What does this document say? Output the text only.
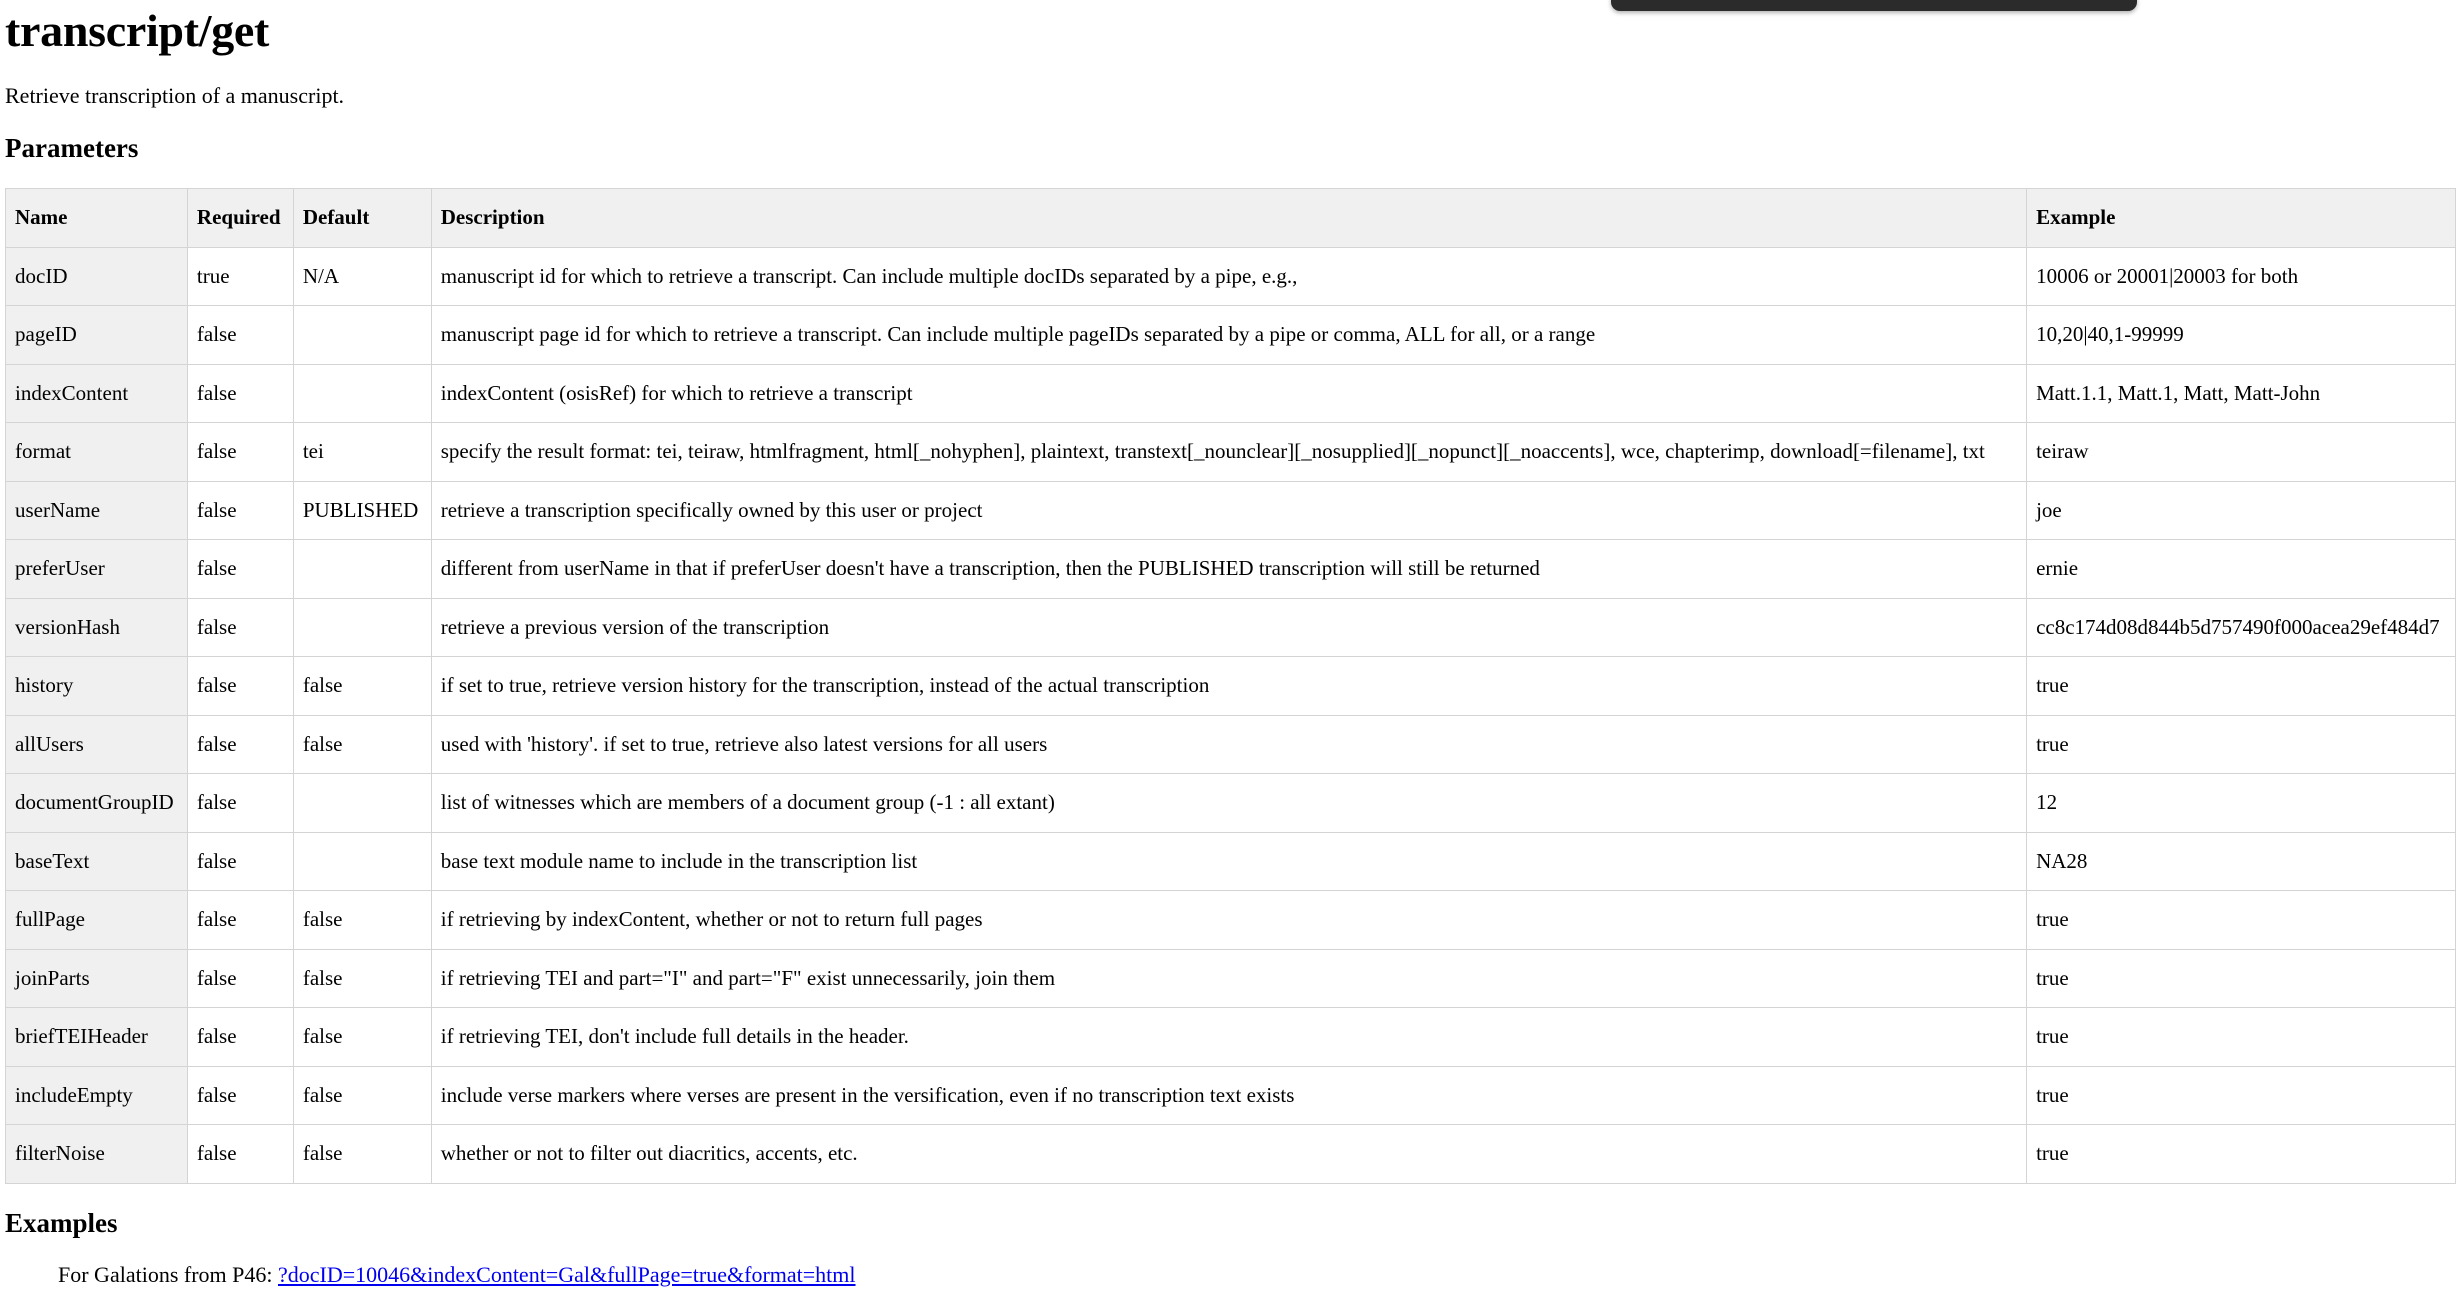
transcript/get

Retrieve transcription of a manuscript.

Parameters
Name	Required	Default	Description	Example
docID	true	N/A	manuscript id for which to retrieve a transcript. Can include multiple docIDs separated by a pipe, e.g.,	10006 or 20001|20003 for both
pageID	false		manuscript page id for which to retrieve a transcript. Can include multiple pageIDs separated by a pipe or comma, ALL for all, or a range	10,20|40,1-99999
indexContent	false		indexContent (osisRef) for which to retrieve a transcript	Matt.1.1, Matt.1, Matt, Matt-John
format	false	tei	specify the result format: tei, teiraw, htmlfragment, html[_nohyphen], plaintext, transtext[_nounclear][_nosupplied][_nopunct][_noaccents], wce, chapterimp, download[=filename], txt	teiraw
userName	false	PUBLISHED	retrieve a transcription specifically owned by this user or project	joe
preferUser	false		different from userName in that if preferUser doesn't have a transcription, then the PUBLISHED transcription will still be returned	ernie
versionHash	false		retrieve a previous version of the transcription	cc8c174d08d844b5d757490f000acea29ef484d7
history	false	false	if set to true, retrieve version history for the transcription, instead of the actual transcription	true
allUsers	false	false	used with 'history'. if set to true, retrieve also latest versions for all users	true
documentGroupID	false		list of witnesses which are members of a document group (-1 : all extant)	12
baseText	false		base text module name to include in the transcription list	NA28
fullPage	false	false	if retrieving by indexContent, whether or not to return full pages	true
joinParts	false	false	if retrieving TEI and part="I" and part="F" exist unnecessarily, join them	true
briefTEIHeader	false	false	if retrieving TEI, don't include full details in the header.	true
includeEmpty	false	false	include verse markers where verses are present in the versification, even if no transcription text exists	true
filterNoise	false	false	whether or not to filter out diacritics, accents, etc.	true
Examples

For Galations from P46: ?docID=10046&indexContent=Gal&fullPage=true&format=html
